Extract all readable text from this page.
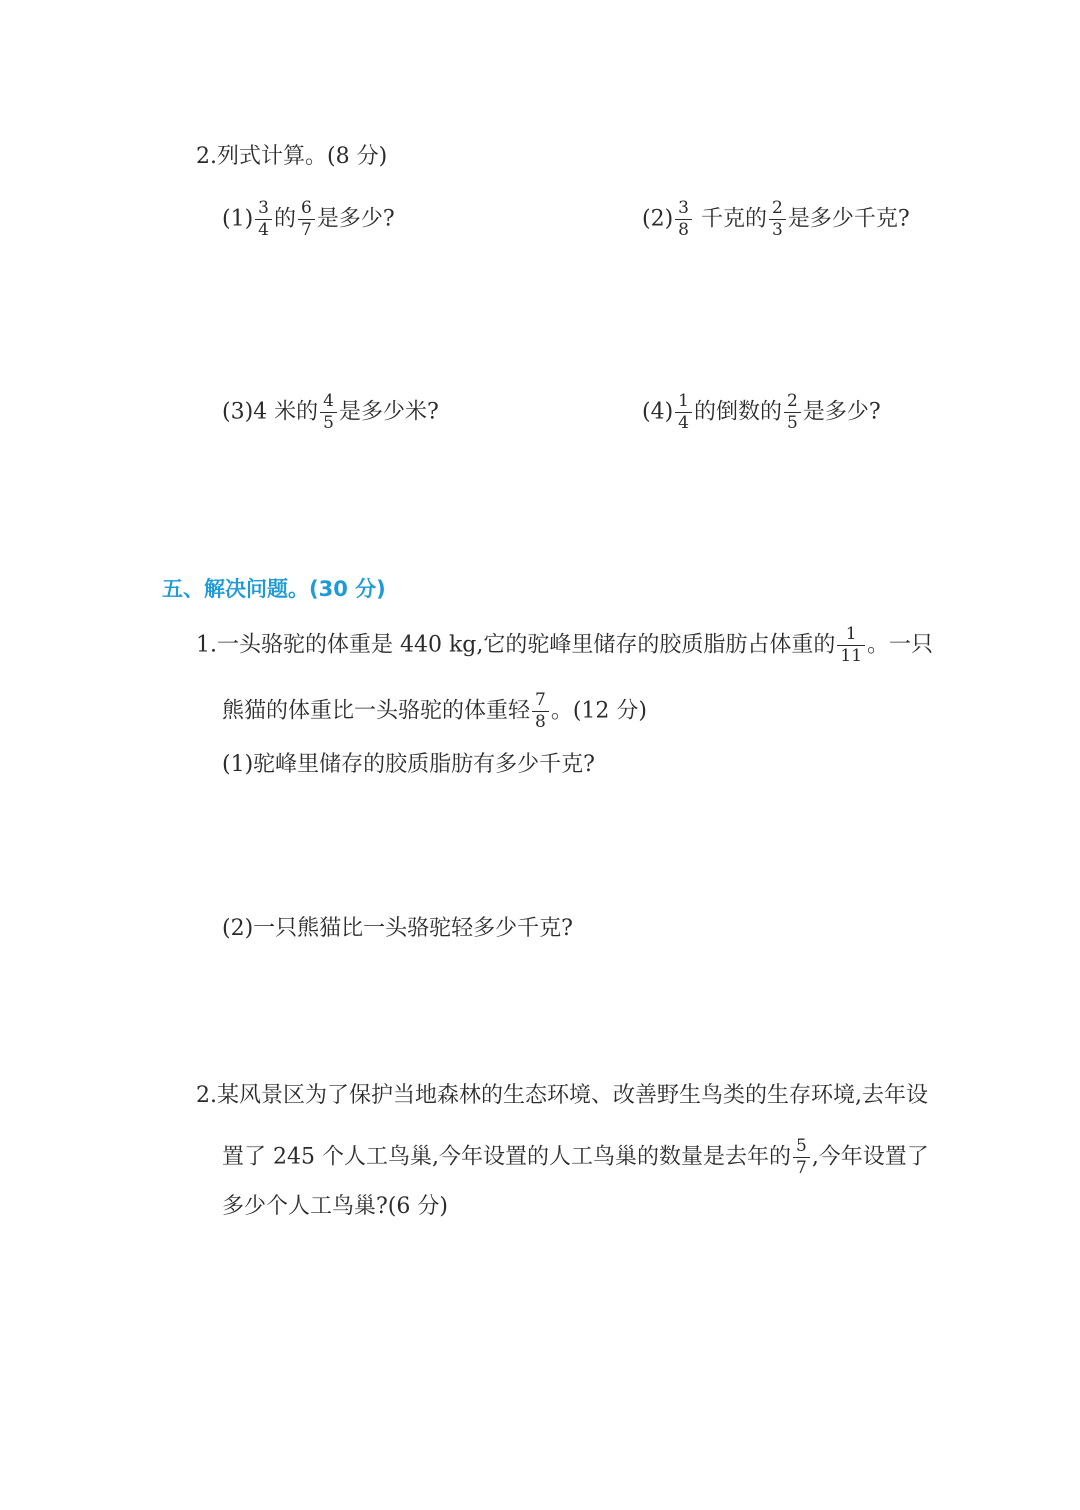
2.列式计算。(8 分)
$(1) \frac{3}{4}$ 的 $\frac{6}{7}$ 是多少?	$(2) \frac{3}{8}$ 千克的 $\frac{2}{3}$ 是多少千克?
(3)4 米的 $\frac{4}{5}$ 是多少米?	$(4) \frac{1}{4}$ 的倒数的 $\frac{2}{5}$ 是多少?
五、解决问题。(30 分)
1.一头骆驼的体重是 440 kg,它的驼峰里储存的胶质脂肪占体重的 $\frac{1}{11}$ 。一只
熊猫的体重比一头骆驼的体重轻 $\frac{7}{8}$ 。(12 分)
(1)驼峰里储存的胶质脂肪有多少千克?
(2)一只熊猫比一头骆驼轻多少千克?
2.某风景区为了保护当地森林的生态环境、改善野生鸟类的生存环境,去年设
置了 245 个人工鸟巢,今年设置的人工鸟巢的数量是去年的 $\frac{5}{7}$ ,今年设置了
多少个人工鸟巢?(6 分)
